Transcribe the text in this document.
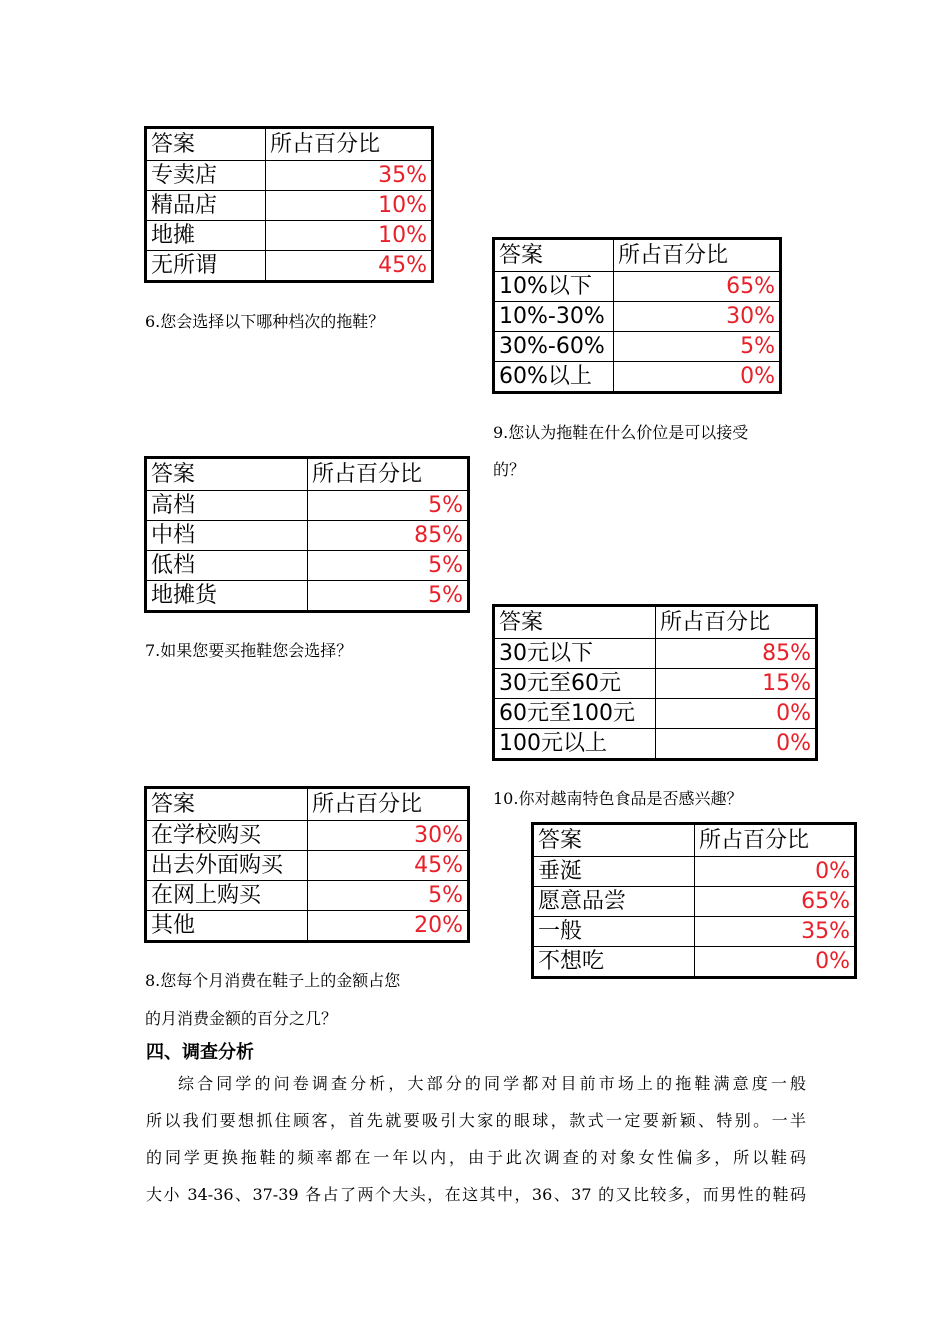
答案	所占百分比
专卖店	35%
精品店	10%
地摊	10%
无所谓	45%
6.您会选择以下哪种档次的拖鞋？
答案	所占百分比
高档	5%
中档	85%
低档	5%
地摊货	5%
7.如果您要买拖鞋您会选择？
答案	所占百分比
在学校购买	30%
出去外面购买	45%
在网上购买	5%
其他	20%
8.您每个月消费在鞋子上的金额占您
的月消费金额的百分之几？
答案	所占百分比
10%以下	65%
10%-30%	30%
30%-60%	5%
60%以上	0%
9.您认为拖鞋在什么价位是可以接受
的？
答案	所占百分比
30元以下	85%
30元至60元	15%
60元至100元	0%
100元以上	0%
10.你对越南特色食品是否感兴趣？
答案	所占百分比
垂涎	0%
愿意品尝	65%
一般	35%
不想吃	0%
四、调查分析
综合同学的问卷调查分析，大部分的同学都对目前市场上的拖鞋满意度一般
所以我们要想抓住顾客，首先就要吸引大家的眼球，款式一定要新颖、特别。一半
的同学更换拖鞋的频率都在一年以内，由于此次调查的对象女性偏多，所以鞋码
大小 34-36、37-39 各占了两个大头，在这其中，36、37 的又比较多，而男性的鞋码
